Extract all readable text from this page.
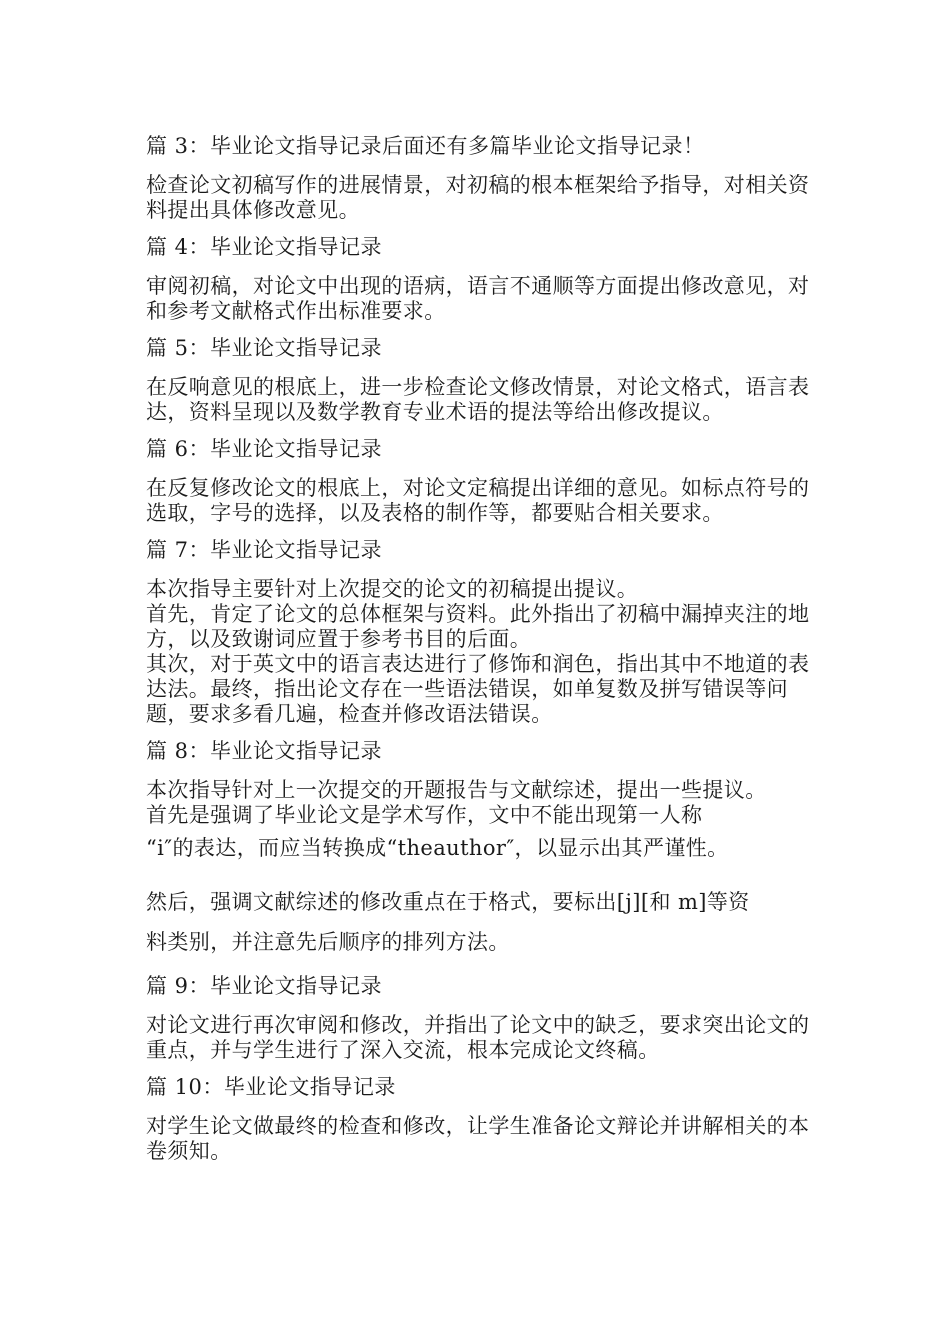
篇 3：毕业论文指导记录后面还有多篇毕业论文指导记录！

检查论文初稿写作的进展情景，对初稿的根本框架给予指导，对相关资料提出具体修改意见。

篇 4：毕业论文指导记录

审阅初稿，对论文中出现的语病，语言不通顺等方面提出修改意见，对和参考文献格式作出标准要求。

篇 5：毕业论文指导记录

在反响意见的根底上，进一步检查论文修改情景，对论文格式，语言表达，资料呈现以及数学教育专业术语的提法等给出修改提议。

篇 6：毕业论文指导记录

在反复修改论文的根底上，对论文定稿提出详细的意见。如标点符号的选取，字号的选择，以及表格的制作等，都要贴合相关要求。

篇 7：毕业论文指导记录

本次指导主要针对上次提交的论文的初稿提出提议。

首先，肯定了论文的总体框架与资料。此外指出了初稿中漏掉夹注的地方，以及致谢词应置于参考书目的后面。

其次，对于英文中的语言表达进行了修饰和润色，指出其中不地道的表达法。最终，指出论文存在一些语法错误，如单复数及拼写错误等问题，要求多看几遍，检查并修改语法错误。

篇 8：毕业论文指导记录

本次指导针对上一次提交的开题报告与文献综述，提出一些提议。

首先是强调了毕业论文是学术写作，文中不能出现第一人称

“i″的表达，而应当转换成“theauthor″，以显示出其严谨性。

然后，强调文献综述的修改重点在于格式，要标出[j][和 m]等资

料类别，并注意先后顺序的排列方法。

篇 9：毕业论文指导记录

对论文进行再次审阅和修改，并指出了论文中的缺乏，要求突出论文的重点，并与学生进行了深入交流，根本完成论文终稿。

篇 10：毕业论文指导记录

对学生论文做最终的检查和修改，让学生准备论文辩论并讲解相关的本卷须知。
